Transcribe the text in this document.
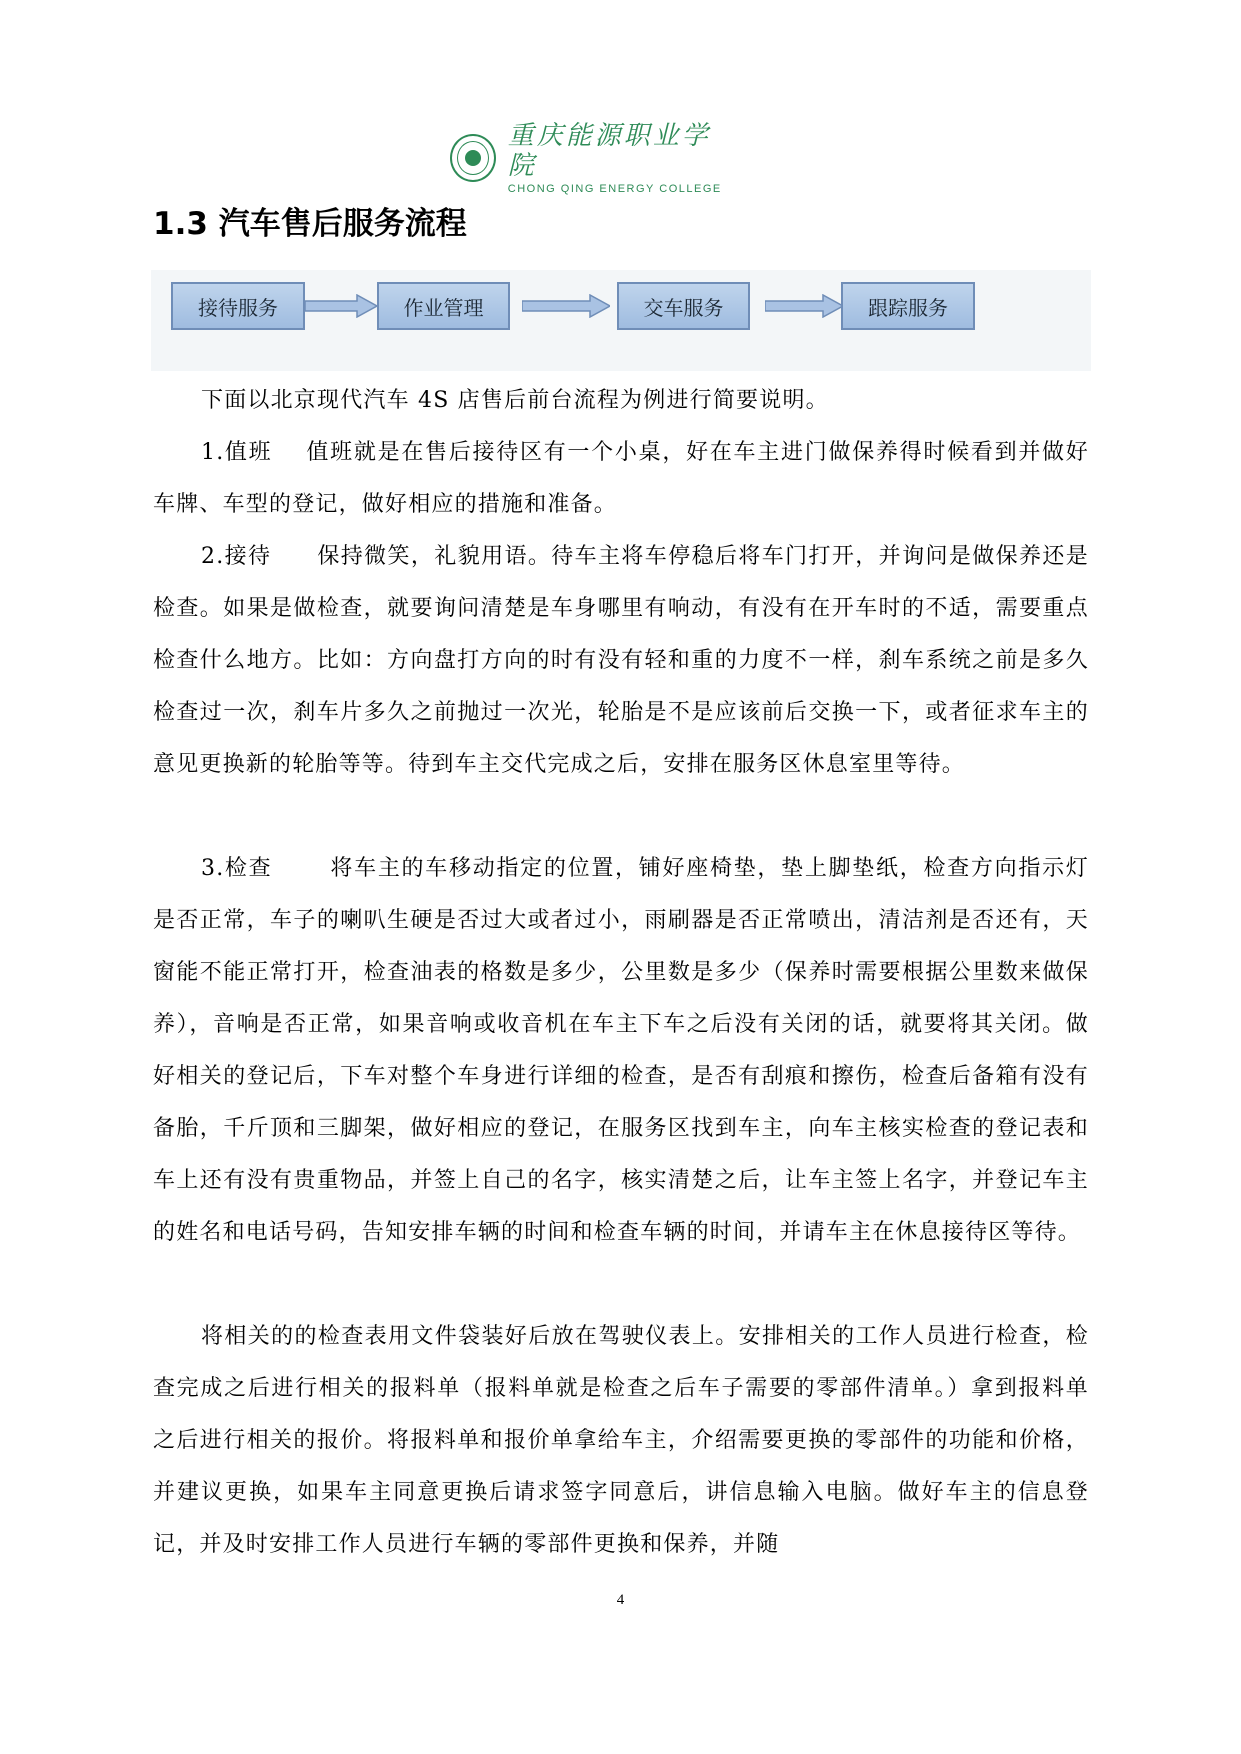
重庆能源职业学院
CHONG QING ENERGY COLLEGE
1.3 汽车售后服务流程
接待服务	作业管理	交车服务	跟踪服务

下面以北京现代汽车 4S 店售后前台流程为例进行简要说明。

1.值班 值班就是在售后接待区有一个小桌，好在车主进门做保养得时候看到并做好车牌、车型的登记，做好相应的措施和准备。

2.接待 保持微笑，礼貌用语。待车主将车停稳后将车门打开，并询问是做保养还是检查。如果是做检查，就要询问清楚是车身哪里有响动，有没有在开车时的不适，需要重点检查什么地方。比如：方向盘打方向的时有没有轻和重的力度不一样，刹车系统之前是多久检查过一次，刹车片多久之前抛过一次光，轮胎是不是应该前后交换一下，或者征求车主的意见更换新的轮胎等等。待到车主交代完成之后，安排在服务区休息室里等待。

3.检查	将车主的车移动指定的位置，铺好座椅垫，垫上脚垫纸，检查方向指示灯是否正常，车子的喇叭生硬是否过大或者过小，雨刷器是否正常喷出，清洁剂是否还有，天窗能不能正常打开，检查油表的格数是多少，公里数是多少（保养时需要根据公里数来做保养），音响是否正常，如果音响或收音机在车主下车之后没有关闭的话，就要将其关闭。做好相关的登记后，下车对整个车身进行详细的检查，是否有刮痕和擦伤，检查后备箱有没有备胎，千斤顶和三脚架，做好相应的登记，在服务区找到车主，向车主核实检查的登记表和车上还有没有贵重物品，并签上自己的名字，核实清楚之后，让车主签上名字，并登记车主的姓名和电话号码，告知安排车辆的时间和检查车辆的时间，并请车主在休息接待区等待。

将相关的的检查表用文件袋装好后放在驾驶仪表上。安排相关的工作人员进行检查，检查完成之后进行相关的报料单（报料单就是检查之后车子需要的零部件清单。）拿到报料单之后进行相关的报价。将报料单和报价单拿给车主，介绍需要更换的零部件的功能和价格，并建议更换，如果车主同意更换后请求签字同意后，讲信息输入电脑。做好车主的信息登记，并及时安排工作人员进行车辆的零部件更换和保养，并随

4
